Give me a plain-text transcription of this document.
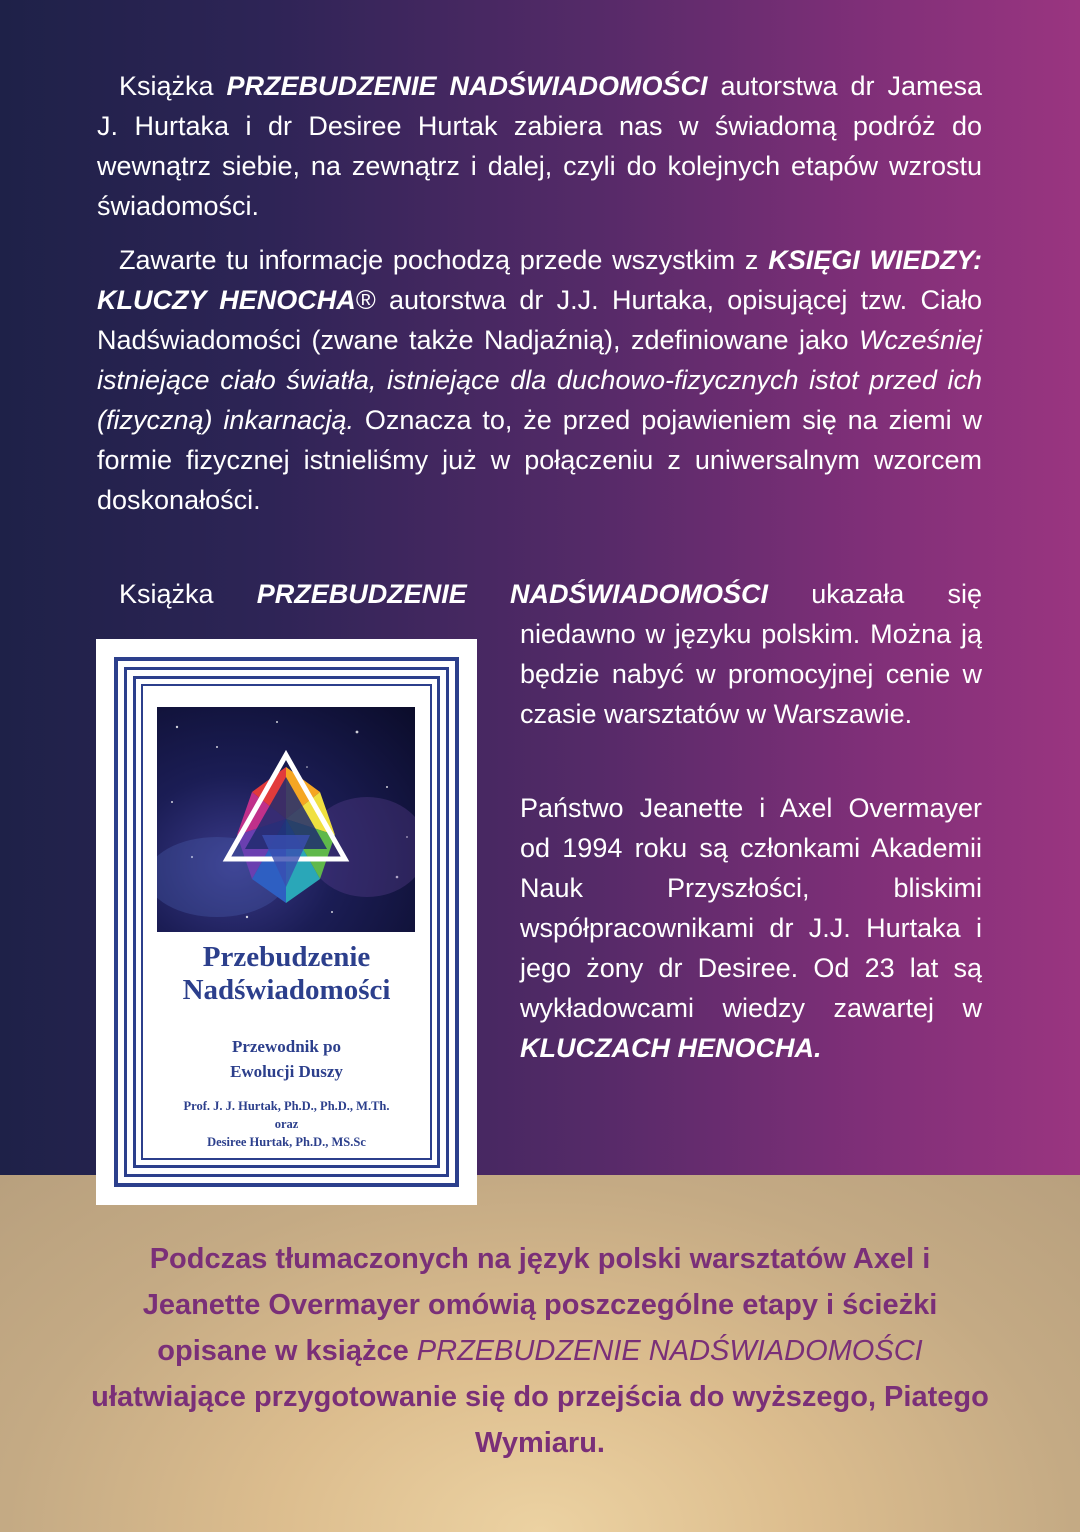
Książka PRZEBUDZENIE NADŚWIADOMOŚCI autorstwa dr Jamesa J. Hurtaka i dr Desiree Hurtak zabiera nas w świadomą podróż do wewnątrz siebie, na zewnątrz i dalej, czyli do kolejnych etapów wzrostu świadomości.

Zawarte tu informacje pochodzą przede wszystkim z KSIĘGI WIEDZY: KLUCZY HENOCHA® autorstwa dr J.J. Hurtaka, opisującej tzw. Ciało Nadświadomości (zwane także Nadjaźnią), zdefiniowane jako Wcześniej istniejące ciało światła, istniejące dla duchowo-fizycznych istot przed ich (fizyczną) inkarnacją. Oznacza to, że przed pojawieniem się na ziemi w formie fizycznej istnieliśmy już w połączeniu z uniwersalnym wzorcem doskonałości.

Książka PRZEBUDZENIE NADŚWIADOMOŚCI ukazała się

niedawno w języku polskim. Można ją będzie nabyć w promocyjnej cenie w czasie warsztatów w Warszawie.

Państwo Jeanette i Axel Overmayer od 1994 roku są członkami Akademii Nauk Przyszłości, bliskimi współpracownikami dr J.J. Hurtaka i jego żony dr Desiree. Od 23 lat są wykładowcami wiedzy zawartej w KLUCZACH HENOCHA.

Przebudzenie
Nadświadomości
Przewodnik po
Ewolucji Duszy
Prof. J. J. Hurtak, Ph.D., Ph.D., M.Th.
oraz
Desiree Hurtak, Ph.D., MS.Sc

Podczas tłumaczonych na język polski warsztatów Axel i Jeanette Overmayer omówią poszczególne etapy i ścieżki opisane w książce PRZEBUDZENIE NADŚWIADOMOŚCI ułatwiające przygotowanie się do przejścia do wyższego, Piatego Wymiaru.
